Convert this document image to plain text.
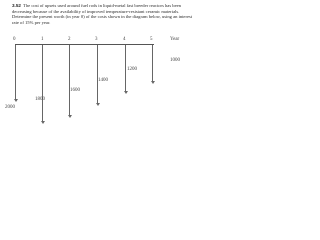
3.52 The cost of upsets used around fuel rods in liquid-metal fast breeder reactors has been decreasing because of the availability of improved temperature-resistant ceramic materials. Determine the present worth (in year 0) of the costs shown in the diagram below, using an interest rate of 15% per year.
0	1	2	3	4	5	Year
2000
1800
1600
1400
1200
1000
